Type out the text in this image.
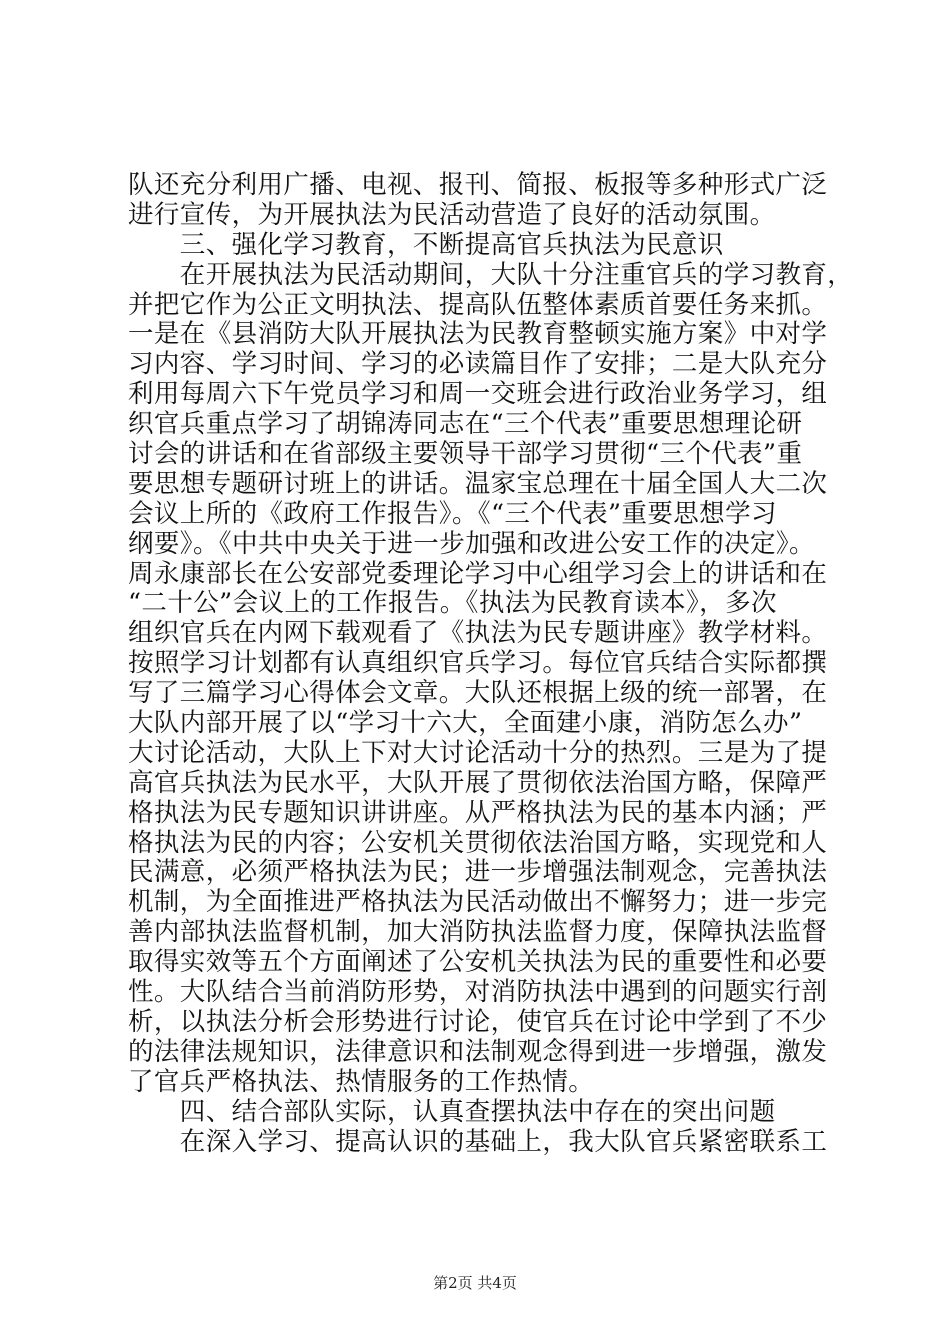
队还充分利用广播、电视、报刊、简报、板报等多种形式广泛
进行宣传，为开展执法为民活动营造了良好的活动氛围。
　　三、强化学习教育，不断提高官兵执法为民意识
　　在开展执法为民活动期间，大队十分注重官兵的学习教育，
并把它作为公正文明执法、提高队伍整体素质首要任务来抓。
一是在《县消防大队开展执法为民教育整顿实施方案》中对学
习内容、学习时间、学习的必读篇目作了安排；二是大队充分
利用每周六下午党员学习和周一交班会进行政治业务学习，组
织官兵重点学习了胡锦涛同志在“三个代表”重要思想理论研
讨会的讲话和在省部级主要领导干部学习贯彻“三个代表”重
要思想专题研讨班上的讲话。温家宝总理在十届全国人大二次
会议上所的《政府工作报告》。《“三个代表”重要思想学习
纲要》。《中共中央关于进一步加强和改进公安工作的决定》。
周永康部长在公安部党委理论学习中心组学习会上的讲话和在
“二十公”会议上的工作报告。《执法为民教育读本》，多次
组织官兵在内网下载观看了《执法为民专题讲座》教学材料。
按照学习计划都有认真组织官兵学习。每位官兵结合实际都撰
写了三篇学习心得体会文章。大队还根据上级的统一部署，在
大队内部开展了以“学习十六大，全面建小康，消防怎么办”
大讨论活动，大队上下对大讨论活动十分的热烈。三是为了提
高官兵执法为民水平，大队开展了贯彻依法治国方略，保障严
格执法为民专题知识讲讲座。从严格执法为民的基本内涵；严
格执法为民的内容；公安机关贯彻依法治国方略，实现党和人
民满意，必须严格执法为民；进一步增强法制观念，完善执法
机制，为全面推进严格执法为民活动做出不懈努力；进一步完
善内部执法监督机制，加大消防执法监督力度，保障执法监督
取得实效等五个方面阐述了公安机关执法为民的重要性和必要
性。大队结合当前消防形势，对消防执法中遇到的问题实行剖
析，以执法分析会形势进行讨论，使官兵在讨论中学到了不少
的法律法规知识，法律意识和法制观念得到进一步增强，激发
了官兵严格执法、热情服务的工作热情。
　　四、结合部队实际，认真查摆执法中存在的突出问题
　　在深入学习、提高认识的基础上，我大队官兵紧密联系工
第2页 共4页
